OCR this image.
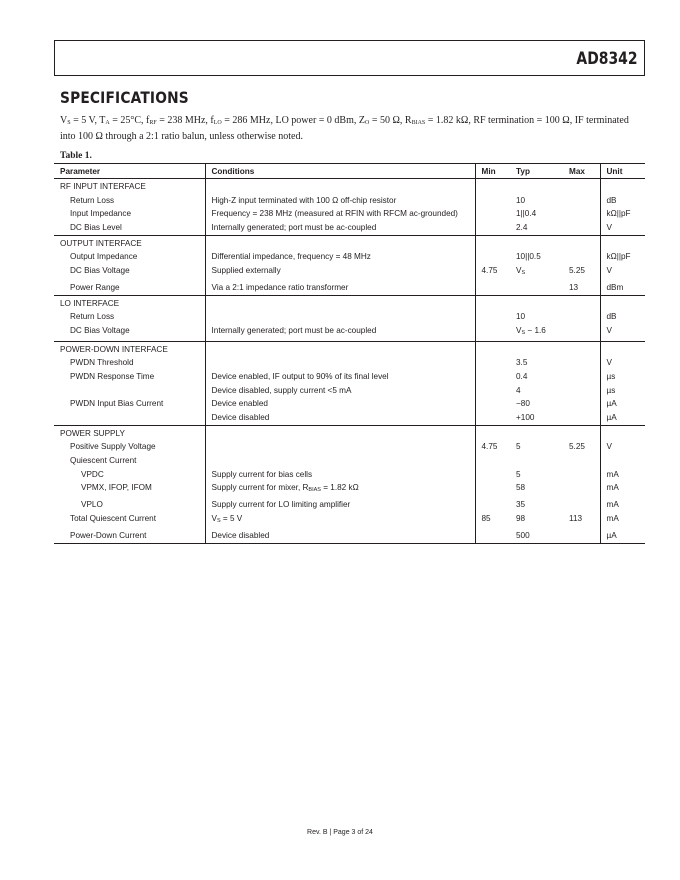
AD8342
SPECIFICATIONS
$V_S = 5$ V, $T_A = 25^\circ C$, $f_{RF} = 238$ MHz, $f_{LO} = 286$ MHz, LO power = 0 dBm, $Z_O = 50$ Ω, $R_{BIAS} = 1.82$ kΩ, RF termination = 100 Ω, IF terminated into 100 Ω through a 2:1 ratio balun, unless otherwise noted.
Table 1.
Parameter	Conditions	Min	Typ	Max	Unit
RF INPUT INTERFACE					
Return Loss	High-Z input terminated with 100 Ω off-chip resistor		10		dB
Input Impedance	Frequency = 238 MHz (measured at RFIN with RFCM ac-grounded)		1||0.4		kΩ||pF
DC Bias Level	Internally generated; port must be ac-coupled		2.4		V
OUTPUT INTERFACE					
Output Impedance	Differential impedance, frequency = 48 MHz		10||0.5		kΩ||pF
DC Bias Voltage	Supplied externally	4.75	$V_S$	5.25	V
Power Range	Via a 2:1 impedance ratio transformer			13	dBm
LO INTERFACE					
Return Loss			10		dB
DC Bias Voltage	Internally generated; port must be ac-coupled		$V_S - 1.6$		V
POWER-DOWN INTERFACE					
PWDN Threshold			3.5		V
PWDN Response Time	Device enabled, IF output to 90% of its final level		0.4		µs
	Device disabled, supply current <5 mA		4		µs
PWDN Input Bias Current	Device enabled		−80		µA
	Device disabled		+100		µA
POWER SUPPLY					
Positive Supply Voltage		4.75	5	5.25	V
Quiescent Current					
VPDC	Supply current for bias cells		5		mA
VPMX, IFOP, IFOM	Supply current for mixer, $R_{BIAS} = 1.82$ kΩ		58		mA
VPLO	Supply current for LO limiting amplifier		35		mA
Total Quiescent Current	$V_S = 5$ V	85	98	113	mA
Power-Down Current	Device disabled		500		µA
Rev. B | Page 3 of 24
